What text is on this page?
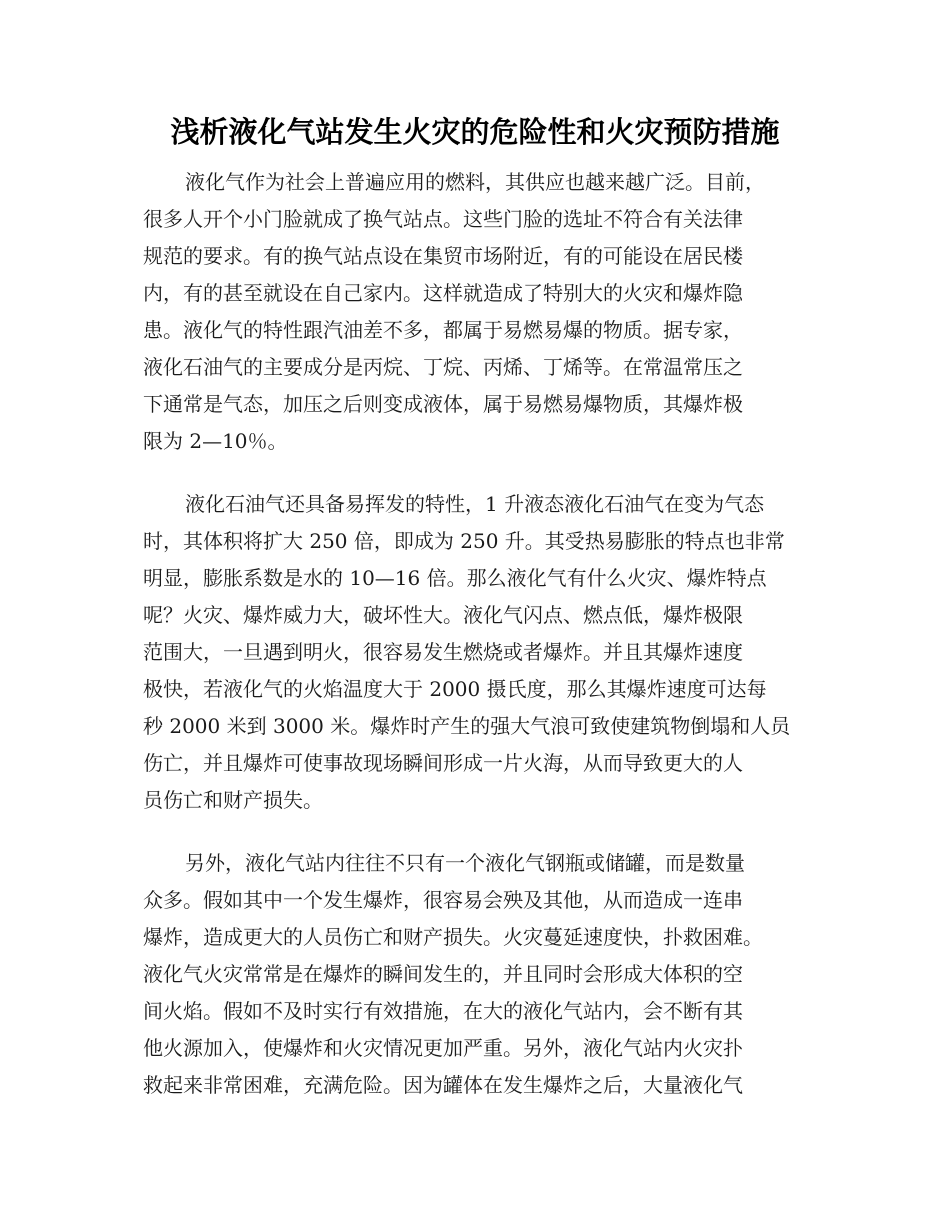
浅析液化气站发生火灾的危险性和火灾预防措施

液化气作为社会上普遍应用的燃料，其供应也越来越广泛。目前，
很多人开个小门脸就成了换气站点。这些门脸的选址不符合有关法律
规范的要求。有的换气站点设在集贸市场附近，有的可能设在居民楼
内，有的甚至就设在自己家内。这样就造成了特别大的火灾和爆炸隐
患。液化气的特性跟汽油差不多，都属于易燃易爆的物质。据专家，
液化石油气的主要成分是丙烷、丁烷、丙烯、丁烯等。在常温常压之
下通常是气态，加压之后则变成液体，属于易燃易爆物质，其爆炸极
限为 2—10％。

液化石油气还具备易挥发的特性，1 升液态液化石油气在变为气态
时，其体积将扩大 250 倍，即成为 250 升。其受热易膨胀的特点也非常
明显，膨胀系数是水的 10—16 倍。那么液化气有什么火灾、爆炸特点
呢？火灾、爆炸威力大，破坏性大。液化气闪点、燃点低，爆炸极限
范围大，一旦遇到明火，很容易发生燃烧或者爆炸。并且其爆炸速度
极快，若液化气的火焰温度大于 2000 摄氏度，那么其爆炸速度可达每
秒 2000 米到 3000 米。爆炸时产生的强大气浪可致使建筑物倒塌和人员
伤亡，并且爆炸可使事故现场瞬间形成一片火海，从而导致更大的人
员伤亡和财产损失。

另外，液化气站内往往不只有一个液化气钢瓶或储罐，而是数量
众多。假如其中一个发生爆炸，很容易会殃及其他，从而造成一连串
爆炸，造成更大的人员伤亡和财产损失。火灾蔓延速度快，扑救困难。
液化气火灾常常是在爆炸的瞬间发生的，并且同时会形成大体积的空
间火焰。假如不及时实行有效措施，在大的液化气站内，会不断有其
他火源加入，使爆炸和火灾情况更加严重。另外，液化气站内火灾扑
救起来非常困难，充满危险。因为罐体在发生爆炸之后，大量液化气
